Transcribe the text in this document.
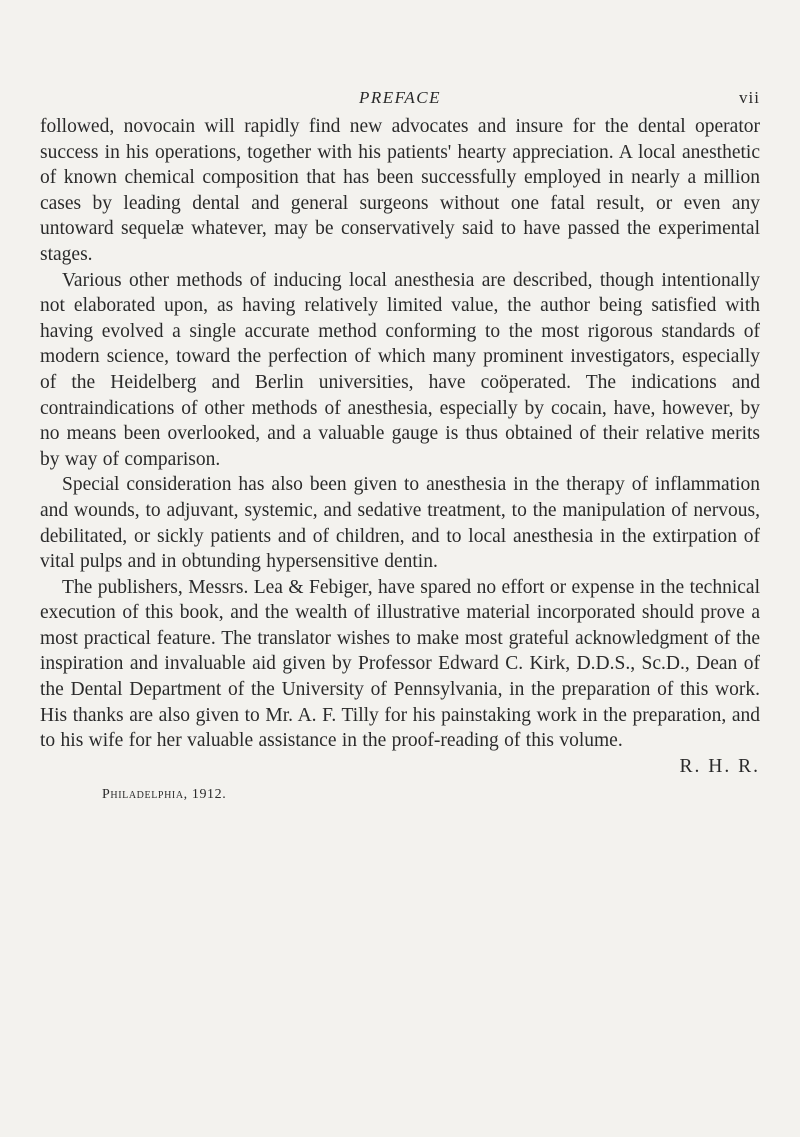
PREFACE	vii

followed, novocain will rapidly find new advocates and insure for the dental operator success in his operations, together with his patients' hearty appreciation. A local anesthetic of known chemical composition that has been successfully employed in nearly a million cases by leading dental and general surgeons without one fatal result, or even any untoward sequelæ whatever, may be conservatively said to have passed the experimental stages.

Various other methods of inducing local anesthesia are described, though intentionally not elaborated upon, as having relatively limited value, the author being satisfied with having evolved a single accurate method conforming to the most rigorous standards of modern science, toward the perfection of which many prominent investigators, especially of the Heidelberg and Berlin universities, have coöperated. The indications and contraindications of other methods of anesthesia, especially by cocain, have, however, by no means been overlooked, and a valuable gauge is thus obtained of their relative merits by way of comparison.

Special consideration has also been given to anesthesia in the therapy of inflammation and wounds, to adjuvant, systemic, and sedative treatment, to the manipulation of nervous, debilitated, or sickly patients and of children, and to local anesthesia in the extirpation of vital pulps and in obtunding hypersensitive dentin.

The publishers, Messrs. Lea & Febiger, have spared no effort or expense in the technical execution of this book, and the wealth of illustrative material incorporated should prove a most practical feature. The translator wishes to make most grateful acknowledgment of the inspiration and invaluable aid given by Professor Edward C. Kirk, D.D.S., Sc.D., Dean of the Dental Department of the University of Pennsylvania, in the preparation of this work. His thanks are also given to Mr. A. F. Tilly for his painstaking work in the preparation, and to his wife for her valuable assistance in the proof-reading of this volume.

R. H. R.
Philadelphia, 1912.
